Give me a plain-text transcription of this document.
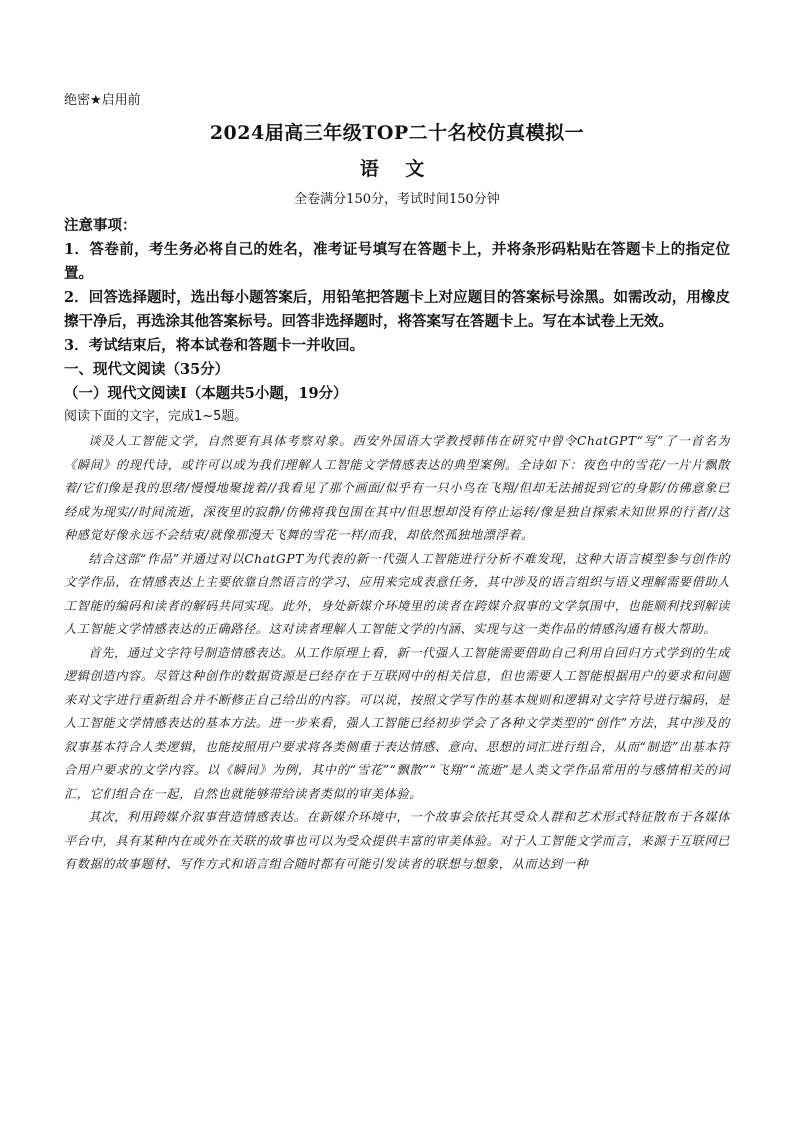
绝密★启用前
2024届高三年级TOP二十名校仿真模拟一
语 文
全卷满分150分，考试时间150分钟
注意事项：
1．答卷前，考生务必将自己的姓名，准考证号填写在答题卡上，并将条形码粘贴在答题卡上的指定位置。
2．回答选择题时，选出每小题答案后，用铅笔把答题卡上对应题目的答案标号涂黑。如需改动，用橡皮擦干净后，再选涂其他答案标号。回答非选择题时，将答案写在答题卡上。写在本试卷上无效。
3．考试结束后，将本试卷和答题卡一并收回。
一、现代文阅读（35分）
（一）现代文阅读Ⅰ（本题共5小题，19分）
阅读下面的文字，完成1~5题。

谈及人工智能文学，自然要有具体考察对象。西安外国语大学教授韩伟在研究中曾令ChatGPT“写”了一首名为《瞬间》的现代诗，或许可以成为我们理解人工智能文学情感表达的典型案例。全诗如下：夜色中的雪花/一片片飘散着/它们像是我的思绪/慢慢地聚拢着//我看见了那个画面/似乎有一只小鸟在飞翔/但却无法捕捉到它的身影/仿佛意象已经成为现实//时间流逝，深夜里的寂静/仿佛将我包围在其中/但思想却没有停止运转/像是独自探索未知世界的行者//这种感觉好像永远不会结束/就像那漫天飞舞的雪花一样/而我，却依然孤独地漂浮着。

结合这部“作品”并通过对以ChatGPT为代表的新一代强人工智能进行分析不难发现，这种大语言模型参与创作的文学作品，在情感表达上主要依靠自然语言的学习、应用来完成表意任务，其中涉及的语言组织与语义理解需要借助人工智能的编码和读者的解码共同实现。此外，身处新媒介环境里的读者在跨媒介叙事的文学氛围中，也能顺利找到解读人工智能文学情感表达的正确路径。这对读者理解人工智能文学的内涵、实现与这一类作品的情感沟通有极大帮助。

首先，通过文字符号制造情感表达。从工作原理上看，新一代强人工智能需要借助自己利用自回归方式学到的生成逻辑创造内容。尽管这种创作的数据资源是已经存在于互联网中的相关信息，但也需要人工智能根据用户的要求和问题来对文字进行重新组合并不断修正自己给出的内容。可以说，按照文学写作的基本规则和逻辑对文字符号进行编码，是人工智能文学情感表达的基本方法。进一步来看，强人工智能已经初步学会了各种文学类型的“创作”方法，其中涉及的叙事基本符合人类逻辑，也能按照用户要求将各类侧重于表达情感、意向、思想的词汇进行组合，从而“制造”出基本符合用户要求的文学内容。以《瞬间》为例，其中的“雪花”“飘散”“飞翔”“流逝”是人类文学作品常用的与感情相关的词汇，它们组合在一起，自然也就能够带给读者类似的审美体验。

其次，利用跨媒介叙事营造情感表达。在新媒介环境中，一个故事会依托其受众人群和艺术形式特征散布于各媒体平台中，具有某种内在或外在关联的故事也可以为受众提供丰富的审美体验。对于人工智能文学而言，来源于互联网已有数据的故事题材、写作方式和语言组合随时都有可能引发读者的联想与想象，从而达到一种
